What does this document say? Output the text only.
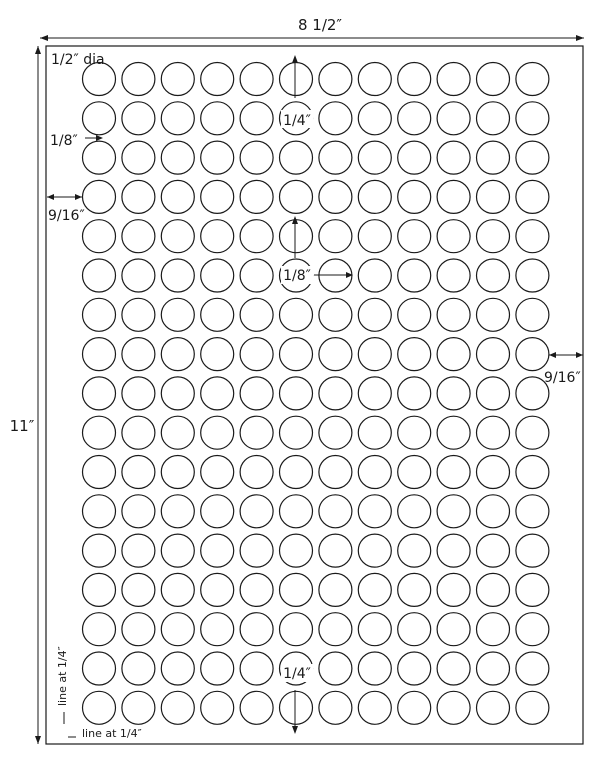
8 1/2″
11″
1/2″ dia
1/4″
1/8″
9/16″
1/8″
9/16″
1/4″
line at 1/4″
line at 1/4″
